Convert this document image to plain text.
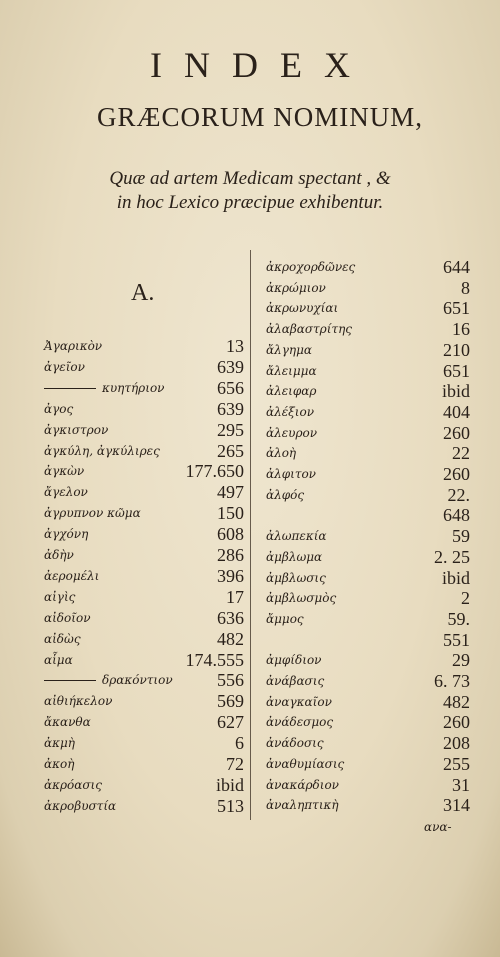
INDEX
GRÆCORUM NOMINUM,
Quæ ad artem Medicam spectant , &
in hoc Lexico præcipue exhibentur.
A.
Ἀγαρικὸν	13
ἀγεῖον	639
κυητήριον	656
ἀγος	639
ἀγκιστρον	295
ἀγκύλη, ἀγκύλιρες	265
ἀγκὼν	177.650
ἄγελον	497
ἀγρυπνον κῶμα	150
ἀγχόνη	608
ἀδὴν	286
ἀερομέλι	396
αἰγὶς	17
αἰδοῖον	636
αἰδὼς	482
αἷμα	174.555
δρακόντιον 556
αἰθιήκελον	569
ἄκανθα	627
ἀκμὴ	6
ἀκοὴ	72
ἀκρόασις	ibid
ἀκροβυστία	513
ἀκροχορδῶνες	644
ἀκρώμιον	8
ἀκρωνυχίαι	651
ἀλαβαστρίτης	16
ἄλγημα	210
ἄλειμμα	651
ἀλειφαρ	ibid
ἀλέξιον	404
ἀλευρον	260
ἀλοὴ	22
ἀλφιτον	260
ἀλφός	22.
648
ἀλωπεκία	59
ἀμβλωμα	2. 25
ἀμβλωσις	ibid
ἀμβλωσμὸς	2
ἄμμος	59.
551
ἀμφίδιον	29
ἀνάβασις	6. 73
ἀναγκαῖον	482
ἀνάδεσμος	260
ἀνάδοσις	208
ἀναθυμίασις	255
ἀνακάρδιον	31
ἀναληπτικὴ	314
ανα-
